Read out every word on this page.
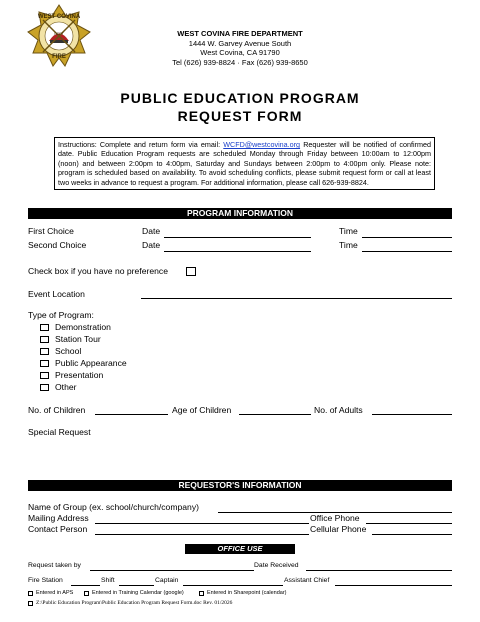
WEST COVINA
DEPT
FIRE
WEST COVINA FIRE DEPARTMENT
1444 W. Garvey Avenue South
West Covina, CA 91790
Tel (626) 939-8824 · Fax (626) 939-8650
PUBLIC EDUCATION PROGRAM
REQUEST FORM
Instructions: Complete and return form via email: WCFD@westcovina.org Requester will be notified of confirmed date. Public Education Program requests are scheduled Monday through Friday between 10:00am to 12:00pm (noon) and between 2:00pm to 4:00pm, Saturday and Sundays between 2:00pm to 4:00pm only. Please note: program is scheduled based on availability. To avoid scheduling conflicts, please submit request form or call at least two weeks in advance to request a program. For additional information, please call 626-939-8824.
PROGRAM INFORMATION
First Choice	Date	Time
Second Choice	Date	Time
Check box if you have no preference
Event Location
Type of Program:
Demonstration
Station Tour
School
Public Appearance
Presentation
Other
No. of Children	Age of Children	No. of Adults
Special Request
REQUESTOR'S INFORMATION
Name of Group (ex. school/church/company)
Mailing Address	Office Phone
Contact Person	Cellular Phone
OFFICE USE
Request taken by	Date Received
Fire Station	Shift	Captain	Assistant Chief
Entered in APS	Entered in Training Calendar (google)	Entered in Sharepoint (calendar)
Z:\Public Education Program\Public Education Program Request Form.doc Rev. 01/2026
